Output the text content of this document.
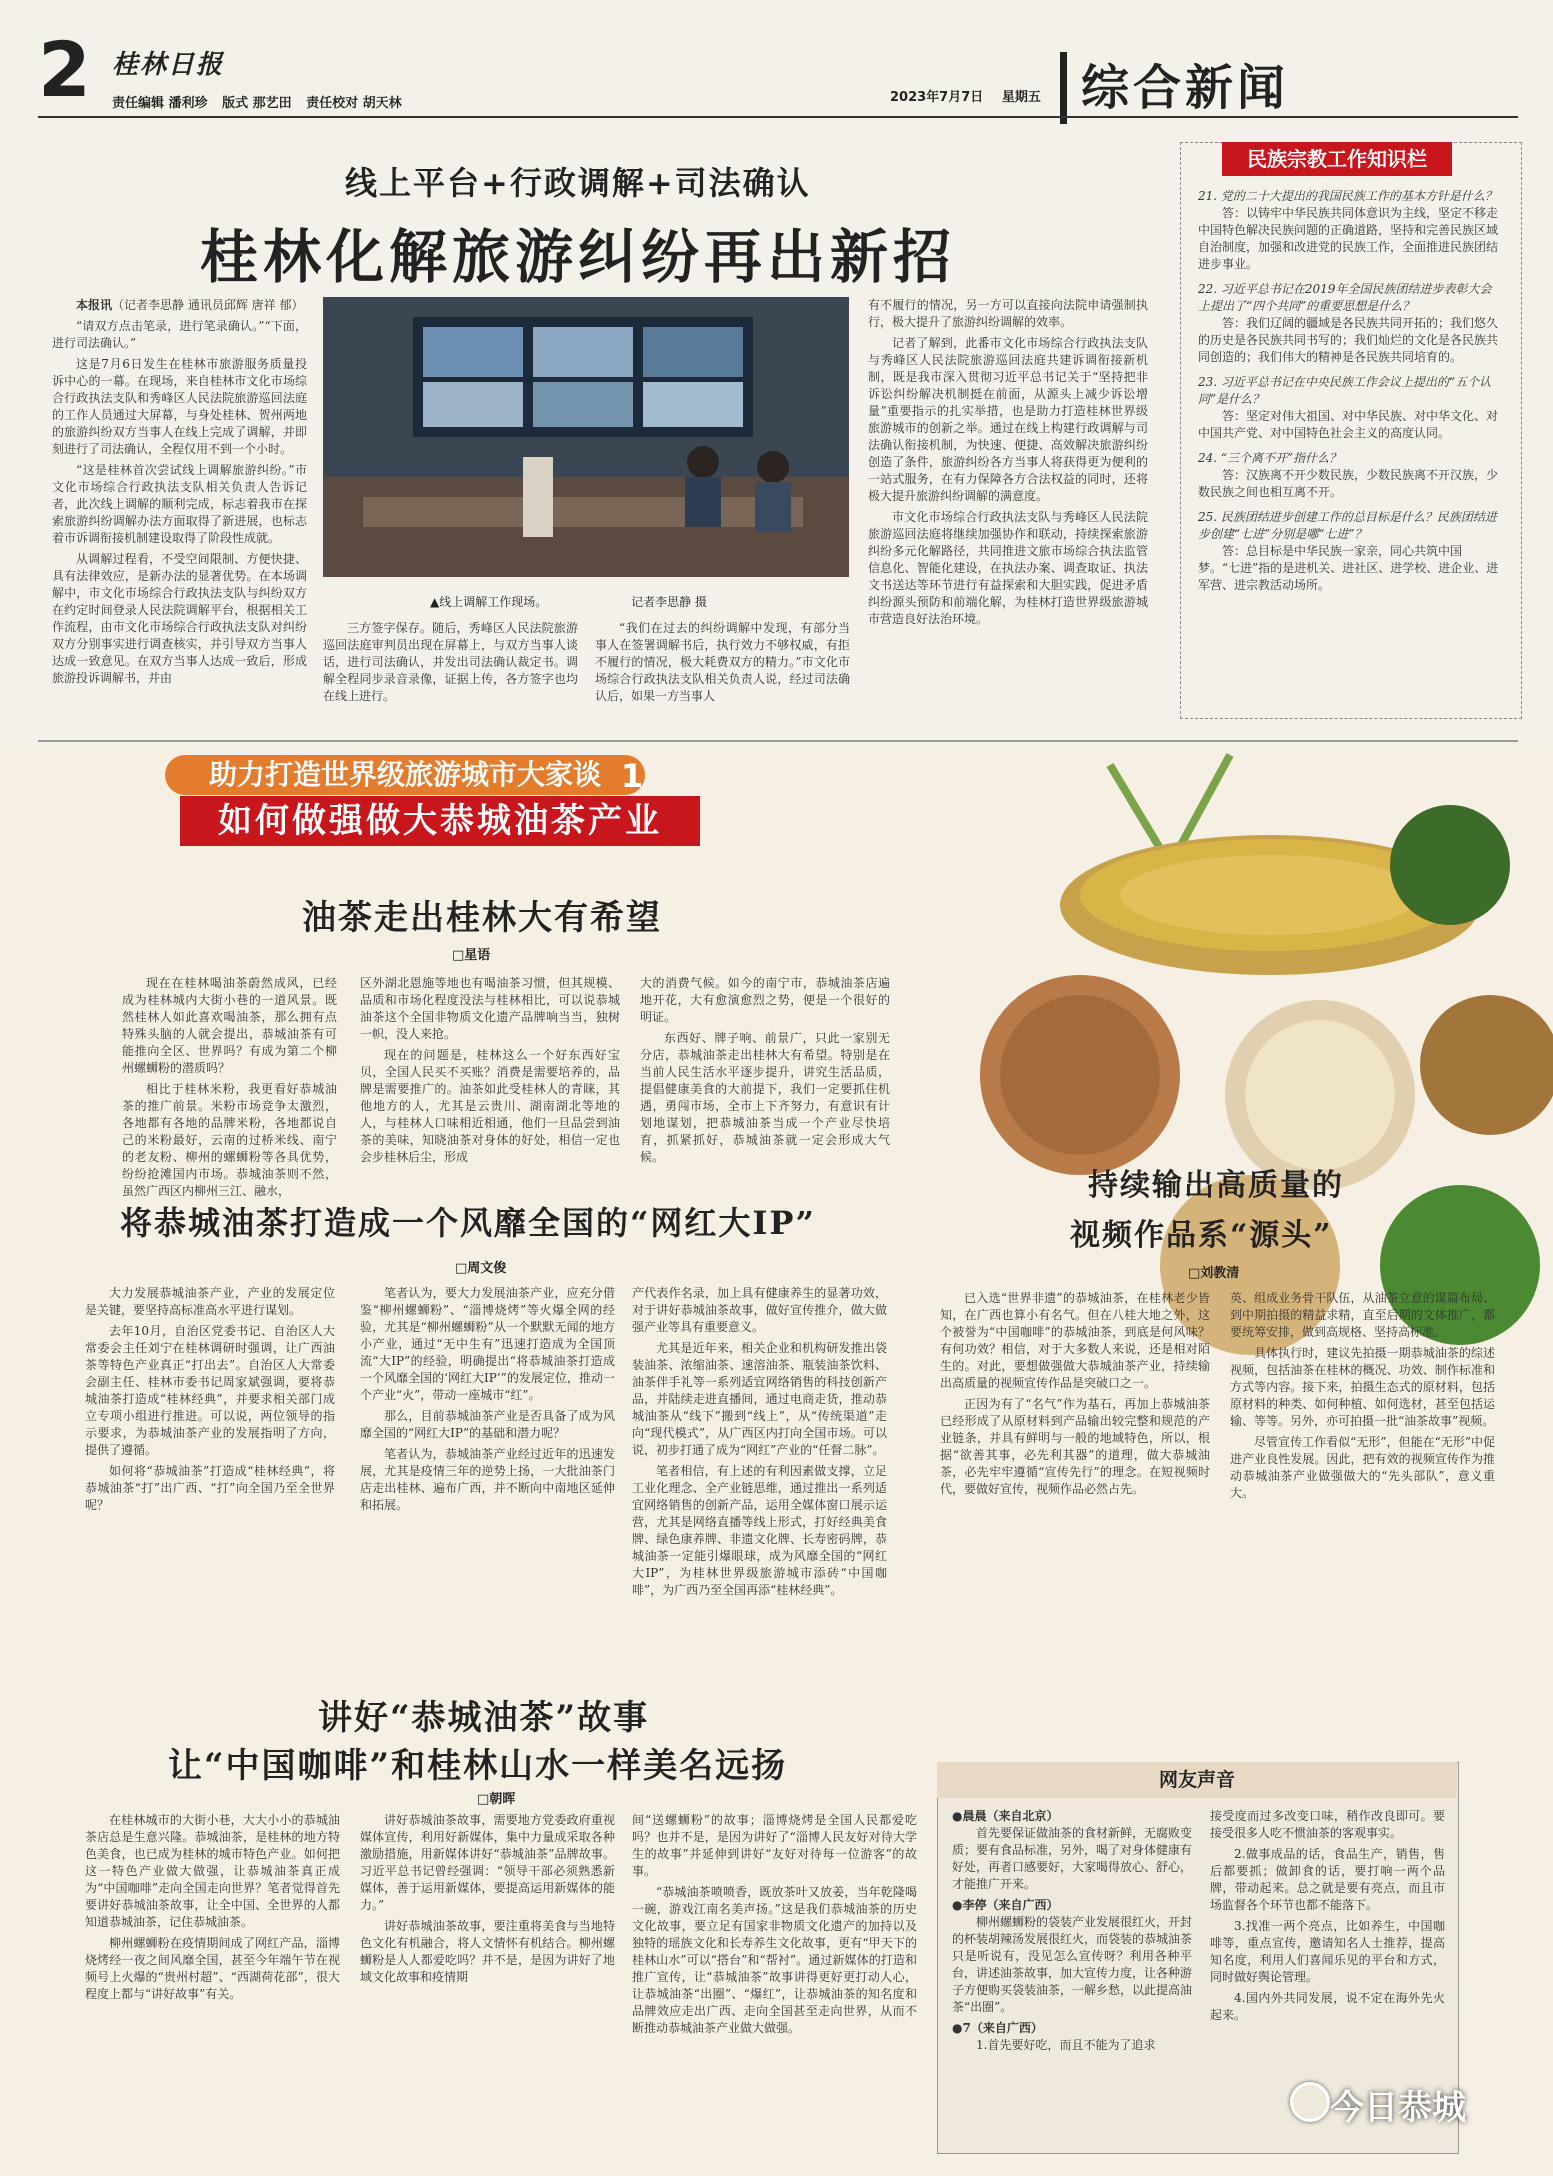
2 桂林日报
责任编辑 潘利珍 版式 那艺田 责任校对 胡天林	2023年7月7日 星期五 综合新闻
线上平台+行政调解+司法确认
桂林化解旅游纠纷再出新招

本报讯（记者李思静 通讯员邱辉 唐祥 郁）

“请双方点击笔录，进行笔录确认。”“下面，进行司法确认。”

这是7月6日发生在桂林市旅游服务质量投诉中心的一幕。在现场，来自桂林市文化市场综合行政执法支队和秀峰区人民法院旅游巡回法庭的工作人员通过大屏幕，与身处桂林、贺州两地的旅游纠纷双方当事人在线上完成了调解，并即刻进行了司法确认，全程仅用不到一个小时。

“这是桂林首次尝试线上调解旅游纠纷。”市文化市场综合行政执法支队相关负责人告诉记者，此次线上调解的顺利完成，标志着我市在探索旅游纠纷调解办法方面取得了新进展，也标志着市诉调衔接机制建设取得了阶段性成就。

从调解过程看，不受空间限制、方便快捷、具有法律效应，是新办法的显著优势。在本场调解中，市文化市场综合行政执法支队与纠纷双方在约定时间登录人民法院调解平台，根据相关工作流程，由市文化市场综合行政执法支队对纠纷双方分别事实进行调查核实，并引导双方当事人达成一致意见。在双方当事人达成一致后，形成旅游投诉调解书，并由

▲线上调解工作现场。	记者李思静 摄

三方签字保存。随后，秀峰区人民法院旅游巡回法庭审判员出现在屏幕上，与双方当事人谈话，进行司法确认，并发出司法确认裁定书。调解全程同步录音录像，证据上传，各方签字也均在线上进行。

“我们在过去的纠纷调解中发现，有部分当事人在签署调解书后，执行效力不够权威，有拒不履行的情况，极大耗费双方的精力。”市文化市场综合行政执法支队相关负责人说，经过司法确认后，如果一方当事人

有不履行的情况，另一方可以直接向法院申请强制执行，极大提升了旅游纠纷调解的效率。

记者了解到，此番市文化市场综合行政执法支队与秀峰区人民法院旅游巡回法庭共建诉调衔接新机制，既是我市深入贯彻习近平总书记关于“坚持把非诉讼纠纷解决机制挺在前面，从源头上减少诉讼增量”重要指示的扎实举措，也是助力打造桂林世界级旅游城市的创新之举。通过在线上构建行政调解与司法确认衔接机制，为快速、便捷、高效解决旅游纠纷创造了条件，旅游纠纷各方当事人将获得更为便利的一站式服务，在有力保障各方合法权益的同时，还将极大提升旅游纠纷调解的满意度。

市文化市场综合行政执法支队与秀峰区人民法院旅游巡回法庭将继续加强协作和联动，持续探索旅游纠纷多元化解路径，共同推进文旅市场综合执法监管信息化、智能化建设，在执法办案、调查取证、执法文书送达等环节进行有益探索和大胆实践，促进矛盾纠纷源头预防和前端化解，为桂林打造世界级旅游城市营造良好法治环境。

民族宗教工作知识栏
21. 党的二十大提出的我国民族工作的基本方针是什么？
答：以铸牢中华民族共同体意识为主线，坚定不移走中国特色解决民族问题的正确道路，坚持和完善民族区域自治制度，加强和改进党的民族工作，全面推进民族团结进步事业。
22. 习近平总书记在2019年全国民族团结进步表彰大会上提出了“四个共同”的重要思想是什么？
答：我们辽阔的疆域是各民族共同开拓的；我们悠久的历史是各民族共同书写的；我们灿烂的文化是各民族共同创造的；我们伟大的精神是各民族共同培育的。
23. 习近平总书记在中央民族工作会议上提出的“五个认同”是什么？
答：坚定对伟大祖国、对中华民族、对中华文化、对中国共产党、对中国特色社会主义的高度认同。
24. “三个离不开”指什么？
答：汉族离不开少数民族，少数民族离不开汉族，少数民族之间也相互离不开。
25. 民族团结进步创建工作的总目标是什么？民族团结进步创建“七进”分别是哪“七进”？
答：总目标是中华民族一家亲，同心共筑中国梦。“七进”指的是进机关、进社区、进学校、进企业、进军营、进宗教活动场所。
助力打造世界级旅游城市大家谈 1
如何做强做大恭城油茶产业
油茶走出桂林大有希望
□星语

现在在桂林喝油茶蔚然成风，已经成为桂林城内大街小巷的一道风景。既然桂林人如此喜欢喝油茶，那么拥有点特殊头脑的人就会提出，恭城油茶有可能推向全区、世界吗？有成为第二个柳州螺蛳粉的潜质吗？

相比于桂林米粉，我更看好恭城油茶的推广前景。米粉市场竞争太激烈，各地都有各地的品牌米粉，各地都说自己的米粉最好，云南的过桥米线、南宁的老友粉、柳州的螺蛳粉等各具优势，纷纷抢滩国内市场。恭城油茶则不然，虽然广西区内柳州三江、融水，

区外湖北恩施等地也有喝油茶习惯，但其规模、品质和市场化程度没法与桂林相比，可以说恭城油茶这个全国非物质文化遗产品牌响当当，独树一帜，没人来抢。

现在的问题是，桂林这么一个好东西好宝贝，全国人民买不买账？消费是需要培养的，品牌是需要推广的。油茶如此受桂林人的青睐，其他地方的人，尤其是云贵川、湖南湖北等地的人，与桂林人口味相近相通，他们一旦品尝到油茶的美味，知晓油茶对身体的好处，相信一定也会步桂林后尘，形成

大的消费气候。如今的南宁市，恭城油茶店遍地开花，大有愈演愈烈之势，便是一个很好的明证。

东西好、牌子响、前景广，只此一家别无分店，恭城油茶走出桂林大有希望。特别是在当前人民生活水平逐步提升，讲究生活品质，提倡健康美食的大前提下，我们一定要抓住机遇，勇闯市场，全市上下齐努力，有意识有计划地谋划，把恭城油茶当成一个产业尽快培育，抓紧抓好，恭城油茶就一定会形成大气候。

将恭城油茶打造成一个风靡全国的“网红大IP”
□周文俊

大力发展恭城油茶产业，产业的发展定位是关键，要坚持高标准高水平进行谋划。

去年10月，自治区党委书记、自治区人大常委会主任刘宁在桂林调研时强调，让广西油茶等特色产业真正“打出去”。自治区人大常委会副主任、桂林市委书记周家斌强调，要将恭城油茶打造成“桂林经典”，并要求相关部门成立专项小组进行推进。可以说，两位领导的指示要求，为恭城油茶产业的发展指明了方向，提供了遵循。

如何将“恭城油茶”打造成“桂林经典”，将恭城油茶“打”出广西、“打”向全国乃至全世界呢？

笔者认为，要大力发展油茶产业，应充分借鉴“柳州螺蛳粉”、“淄博烧烤”等火爆全网的经验，尤其是“柳州螺蛳粉”从一个默默无闻的地方小产业，通过“无中生有”迅速打造成为全国顶流“大IP”的经验，明确提出“将恭城油茶打造成一个风靡全国的‘网红大IP’”的发展定位，推动一个产业“火”，带动一座城市“红”。

那么，目前恭城油茶产业是否具备了成为风靡全国的“网红大IP”的基础和潜力呢？

笔者认为，恭城油茶产业经过近年的迅速发展，尤其是疫情三年的逆势上扬，一大批油茶门店走出桂林、遍布广西，并不断向中南地区延伸和拓展。

产代表作名录，加上具有健康养生的显著功效，对于讲好恭城油茶故事，做好宣传推介，做大做强产业等具有重要意义。

尤其是近年来，相关企业和机构研发推出袋装油茶、浓缩油茶、速溶油茶、瓶装油茶饮料、油茶伴手礼等一系列适宜网络销售的科技创新产品，并陆续走进直播间，通过电商走货，推动恭城油茶从“线下”搬到“线上”，从“传统渠道”走向“现代模式”，从广西区内打向全国市场。可以说，初步打通了成为“网红”产业的“任督二脉”。

笔者相信，有上述的有利因素做支撑，立足工业化理念、全产业链思维，通过推出一系列适宜网络销售的创新产品，运用全媒体窗口展示运营，尤其是网络直播等线上形式，打好经典美食牌、绿色康养牌、非遗文化牌、长寿密码牌，恭城油茶一定能引爆眼球，成为风靡全国的“网红大IP”，为桂林世界级旅游城市添砖“中国咖啡”，为广西乃至全国再添“桂林经典”。

持续输出高质量的
视频作品系“源头”
□刘教清

已入选“世界非遗”的恭城油茶，在桂林老少皆知，在广西也算小有名气。但在八桂大地之外，这个被誉为“中国咖啡”的恭城油茶，到底是何风味？有何功效？相信，对于大多数人来说，还是相对陌生的。对此，要想做强做大恭城油茶产业，持续输出高质量的视频宣传作品是突破口之一。

正因为有了“名气”作为基石，再加上恭城油茶已经形成了从原材料到产品输出较完整和规范的产业链条，并具有鲜明与一般的地域特色，所以，根据“欲善其事，必先利其器”的道理，做大恭城油茶，必先牢牢遵循“宣传先行”的理念。在短视频时代，要做好宣传，视频作品必然占先。

英、组成业务骨干队伍，从油茶立意的谋篇布局、到中期拍摄的精益求精，直至后期的文体推广，都要统筹安排，做到高规格、坚持高标准。

具体执行时，建议先拍摄一期恭城油茶的综述视频，包括油茶在桂林的概况、功效、制作标准和方式等内容。接下来，拍摄生态式的原材料，包括原材料的种类、如何种植、如何选材，甚至包括运输、等等。另外，亦可拍摄一批“油茶故事”视频。

尽管宣传工作看似“无形”，但能在“无形”中促进产业良性发展。因此，把有效的视频宣传作为推动恭城油茶产业做强做大的“先头部队”，意义重大。

讲好“恭城油茶”故事
让“中国咖啡”和桂林山水一样美名远扬
□朝晖

在桂林城市的大街小巷，大大小小的恭城油茶店总是生意兴隆。恭城油茶，是桂林的地方特色美食，也已成为桂林的城市特色产业。如何把这一特色产业做大做强，让恭城油茶真正成为“中国咖啡”走向全国走向世界？笔者觉得首先要讲好恭城油茶故事，让全中国、全世界的人都知道恭城油茶，记住恭城油茶。

柳州螺蛳粉在疫情期间成了网红产品，淄博烧烤经一夜之间风靡全国，甚至今年端午节在视频号上火爆的“贵州村超”、“西湖荷花部”，很大程度上都与“讲好故事”有关。

讲好恭城油茶故事，需要地方党委政府重视媒体宣传，利用好新媒体，集中力量成采取各种激励措施，用新媒体讲好“恭城油茶”品牌故事。习近平总书记曾经强调：“领导干部必须熟悉新媒体，善于运用新媒体，要提高运用新媒体的能力。”

讲好恭城油茶故事，要注重将美食与当地特色文化有机融合，将人文情怀有机结合。柳州螺蛳粉是人人都爱吃吗？并不是，是因为讲好了地域文化故事和疫情期

间“送螺蛳粉”的故事；淄博烧烤是全国人民都爱吃吗？也并不是，是因为讲好了“淄博人民友好对待大学生的故事”并延伸到讲好“友好对待每一位游客”的故事。

“恭城油茶喷喷香，既放茶叶又放姜，当年乾隆喝一碗，游戏江南名美声扬。”这是我们恭城油茶的历史文化故事，要立足有国家非物质文化遗产的加持以及独特的瑶族文化和长寿养生文化故事，更有“甲天下的桂林山水”可以“搭台”和“帮衬”。通过新媒体的打造和推广宣传，让“恭城油茶”故事讲得更好更打动人心，让恭城油茶“出圈”、“爆红”，让恭城油茶的知名度和品牌效应走出广西、走向全国甚至走向世界，从而不断推动恭城油茶产业做大做强。

网友声音
●晨晨（来自北京）

首先要保证做油茶的食材新鲜，无腐败变质；要有食品标准，另外，喝了对身体健康有好处，再者口感要好，大家喝得放心、舒心，才能推广开来。

●李停（来自广西）

柳州螺蛳粉的袋装产业发展很红火，开封的杯装胡辣汤发展很红火，而袋装的恭城油茶只是听说有，没见怎么宣传呀？利用各种平台，讲述油茶故事，加大宣传力度，让各种游子方便购买袋装油茶，一解乡愁，以此提高油茶“出圈”。

●7（来自广西）

1.首先要好吃，而且不能为了追求

接受度而过多改变口味，稍作改良即可。要接受很多人吃不惯油茶的客观事实。

2.做事成品的话，食品生产，销售，售后都要抓；做卸食的话，要打响一两个品牌，带动起来。总之就是要有亮点，而且市场监督各个环节也都不能落下。

3.找准一两个亮点，比如养生，中国咖啡等，重点宣传，邀请知名人士推荐，提高知名度，利用人们喜闻乐见的平台和方式，同时做好舆论管理。

4.国内外共同发展，说不定在海外先火起来。

今日恭城
